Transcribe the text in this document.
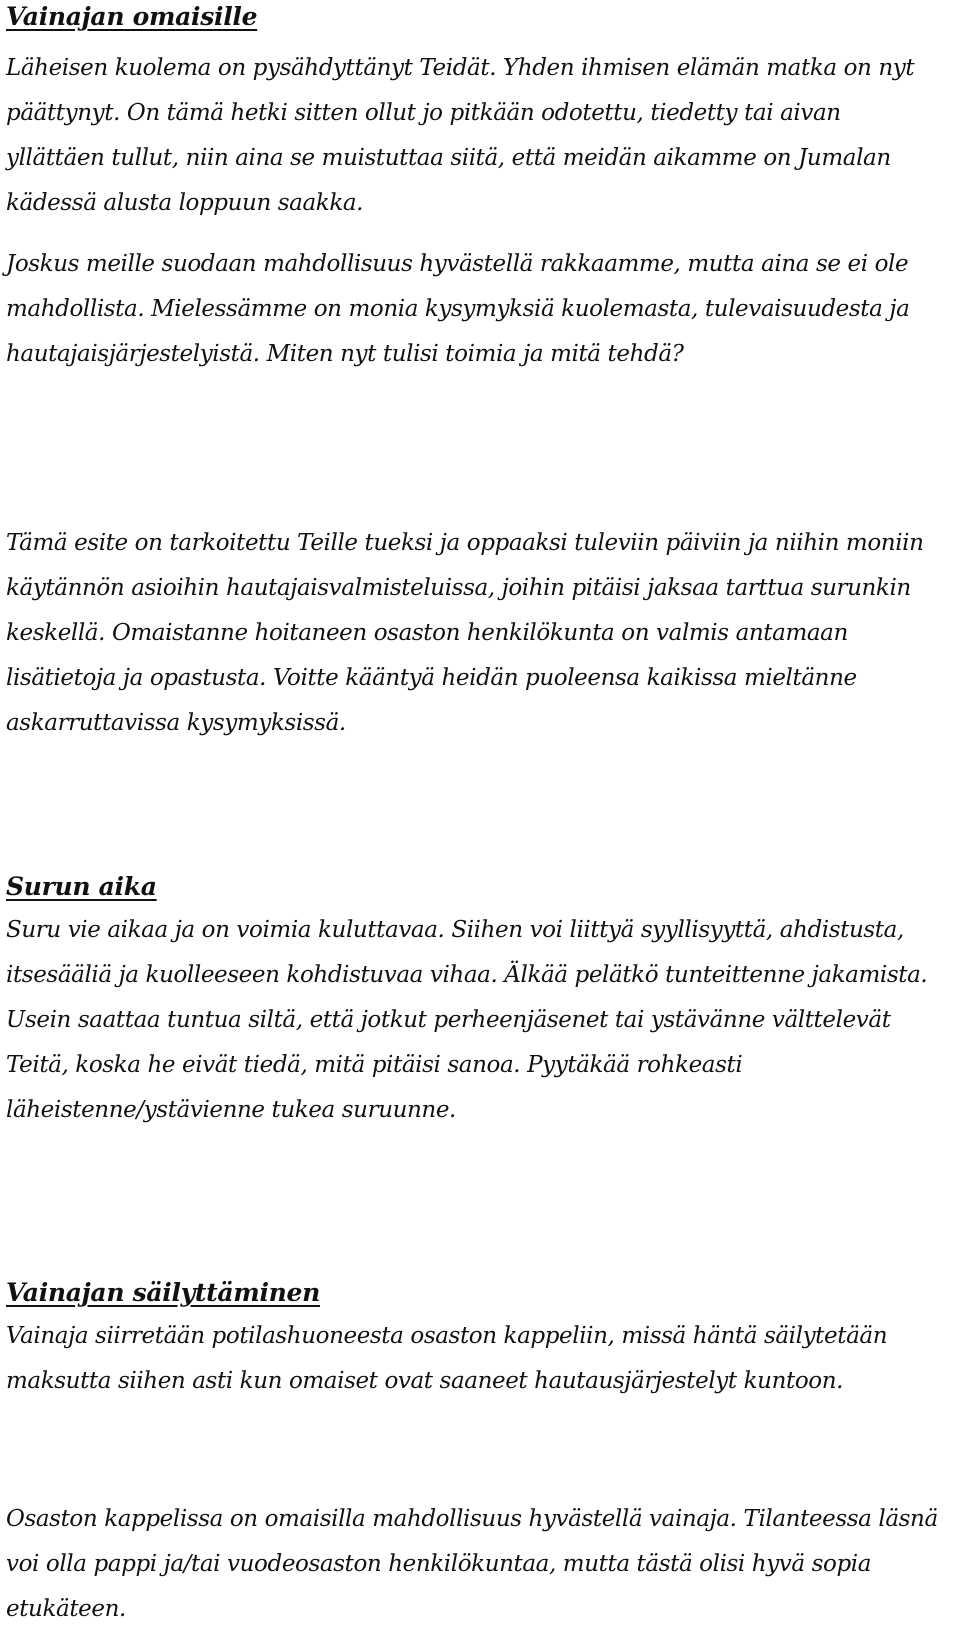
Vainajan omaisille

Läheisen kuolema on pysähdyttänyt Teidät. Yhden ihmisen elämän matka on nyt päättynyt. On tämä hetki sitten ollut jo pitkään odotettu, tiedetty tai aivan yllättäen tullut, niin aina se muistuttaa siitä, että meidän aikamme on Jumalan kädessä alusta loppuun saakka.

Joskus meille suodaan mahdollisuus hyvästellä rakkaamme, mutta aina se ei ole mahdollista. Mielessämme on monia kysymyksiä kuolemasta, tulevaisuudesta ja hautajaisjärjestelyistä. Miten nyt tulisi toimia ja mitä tehdä?

Tämä esite on tarkoitettu Teille tueksi ja oppaaksi tuleviin päiviin ja niihin moniin käytännön asioihin hautajaisvalmisteluissa, joihin pitäisi jaksaa tarttua surunkin keskellä. Omaistanne hoitaneen osaston henkilökunta on valmis antamaan lisätietoja ja opastusta. Voitte kääntyä heidän puoleensa kaikissa mieltänne askarruttavissa kysymyksissä.

Surun aika

Suru vie aikaa ja on voimia kuluttavaa. Siihen voi liittyä syyllisyyttä, ahdistusta, itsesääliä ja kuolleeseen kohdistuvaa vihaa. Älkää pelätkö tunteittenne jakamista. Usein saattaa tuntua siltä, että jotkut perheenjäsenet tai ystävänne välttelevät Teitä, koska he eivät tiedä, mitä pitäisi sanoa. Pyytäkää rohkeasti läheistenne/ystävienne tukea suruunne.

Vainajan säilyttäminen

Vainaja siirretään potilashuoneesta osaston kappeliin, missä häntä säilytetään maksutta siihen asti kun omaiset ovat saaneet hautausjärjestelyt kuntoon.

Osaston kappelissa on omaisilla mahdollisuus hyvästellä vainaja. Tilanteessa läsnä voi olla pappi ja/tai vuodeosaston henkilökuntaa, mutta tästä olisi hyvä sopia etukäteen.
